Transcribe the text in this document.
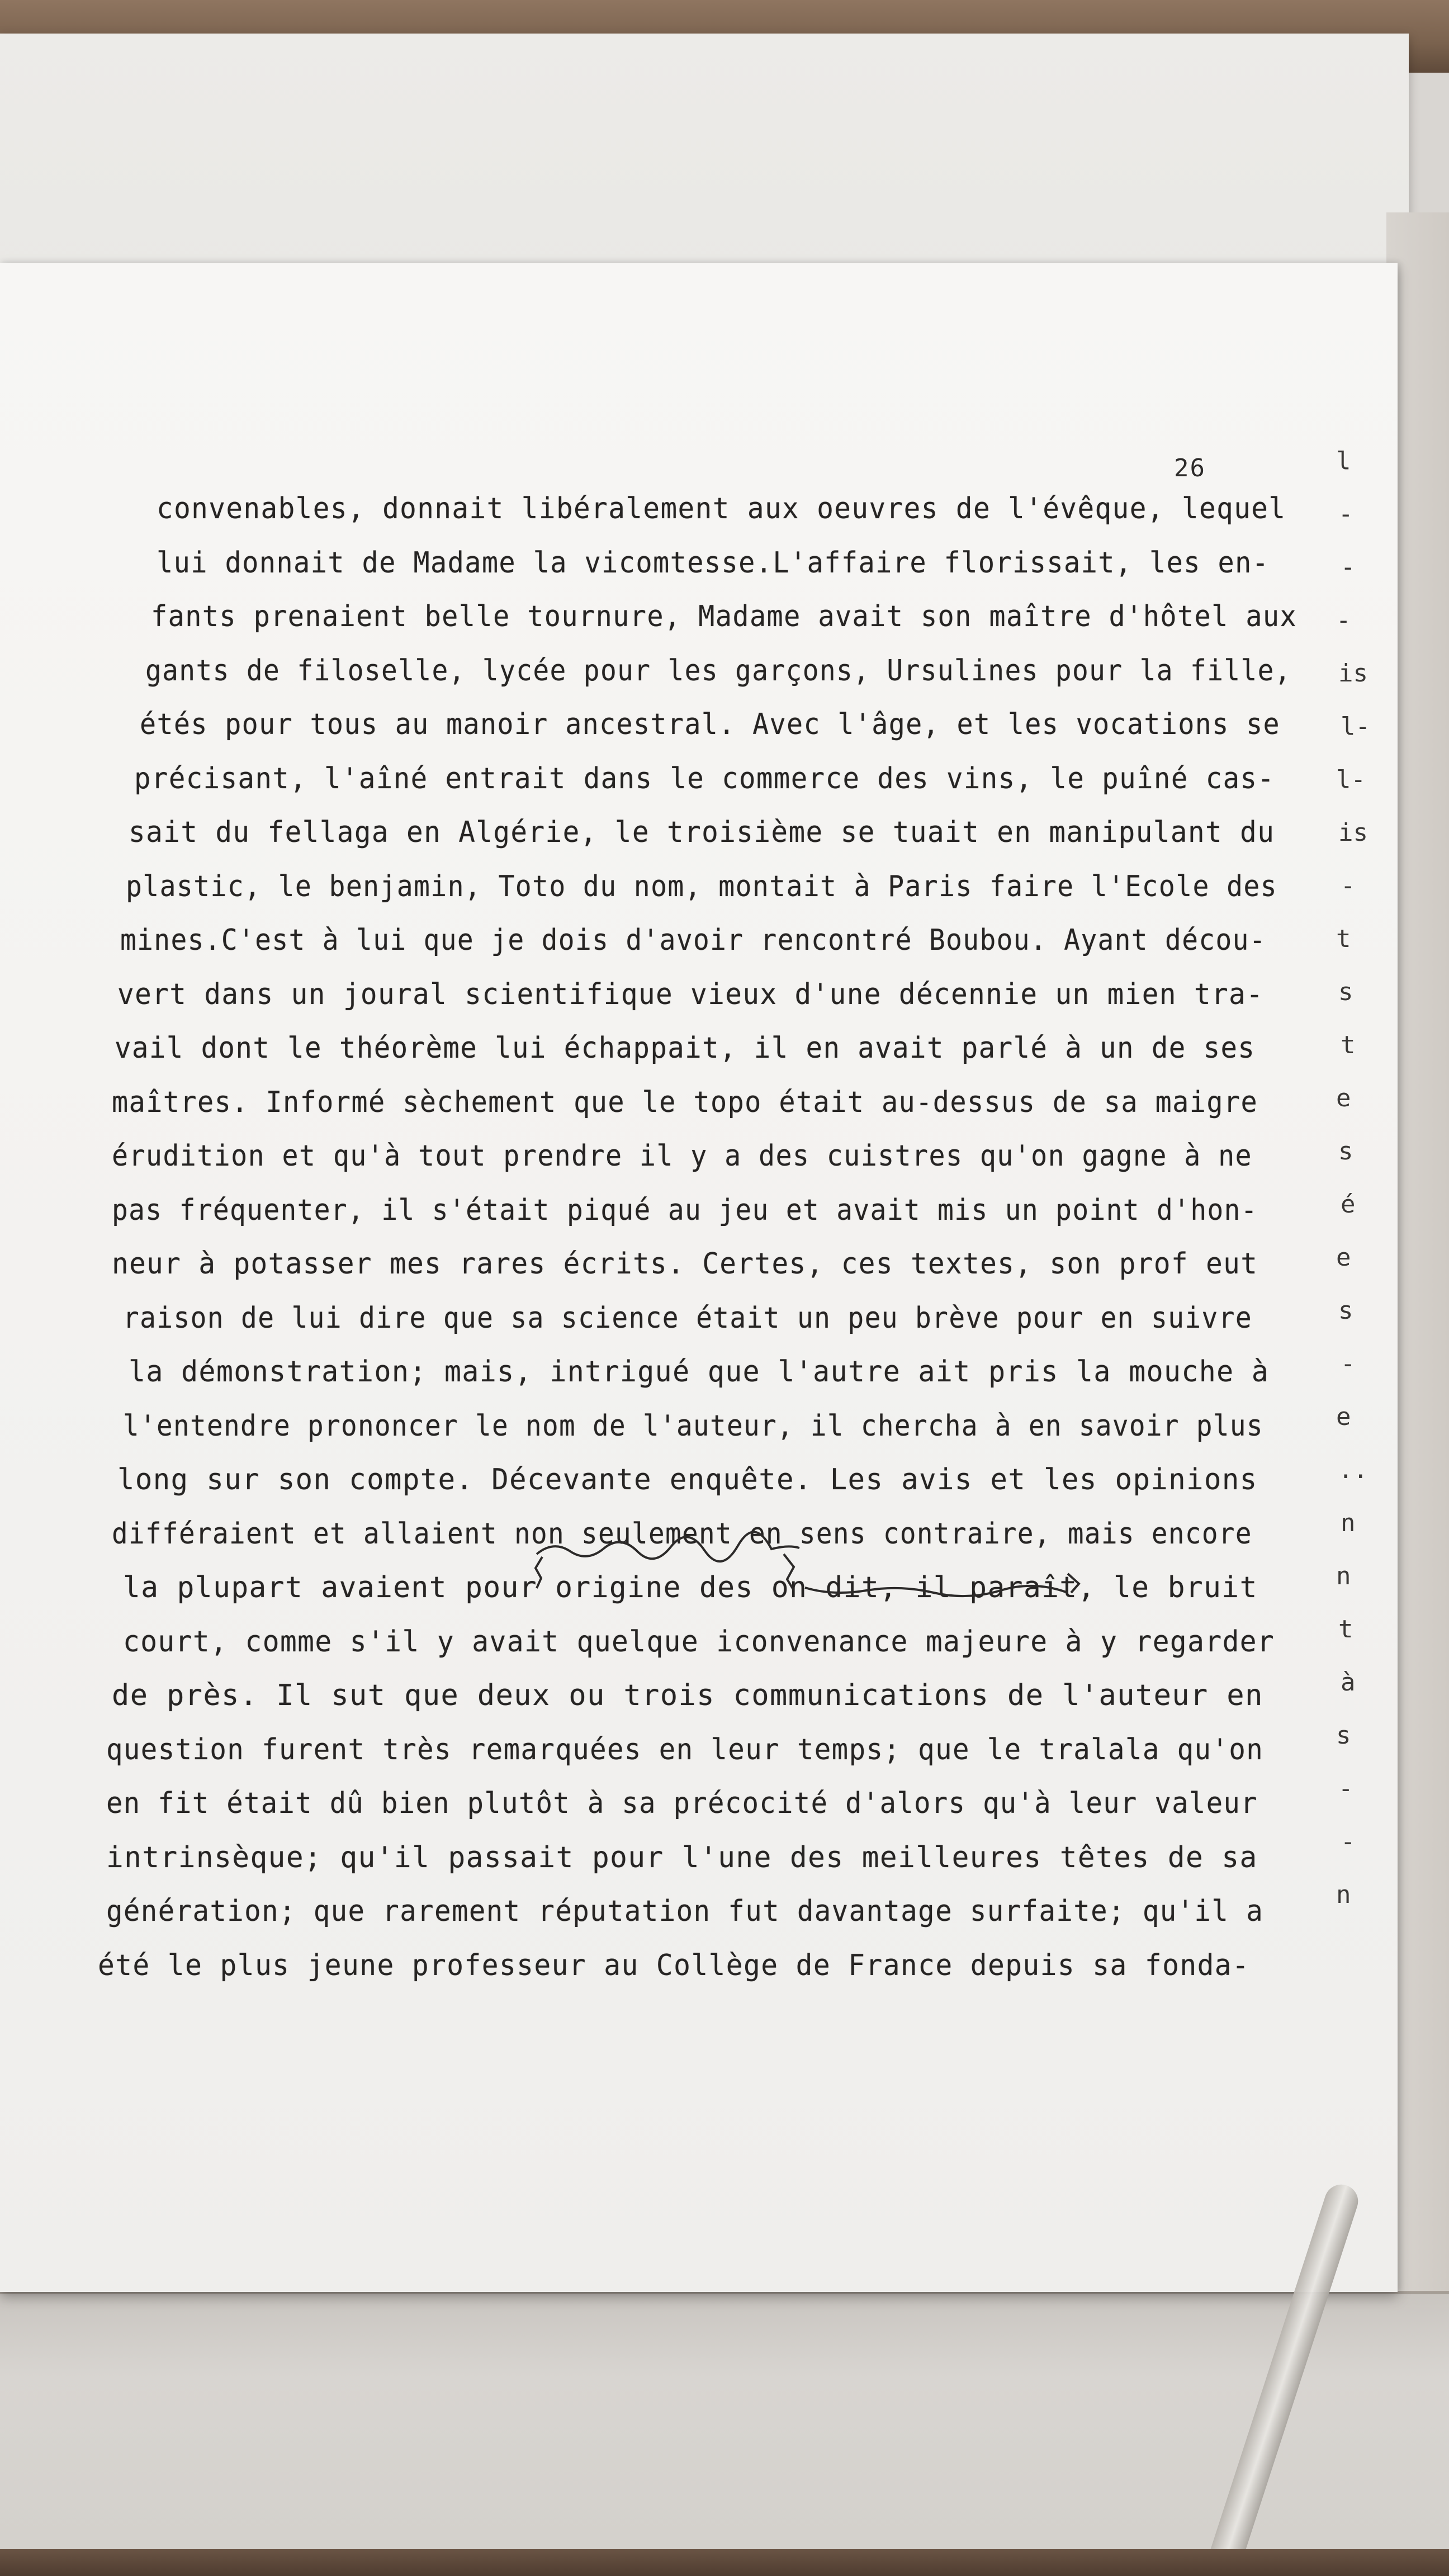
26
convenables, donnait libéralement aux oeuvres de l'évêque, lequel
lui donnait de Madame la vicomtesse.L'affaire florissait, les en-
fants prenaient belle tournure, Madame avait son maître d'hôtel aux
gants de filoselle, lycée pour les garçons, Ursulines pour la fille,
étés pour tous au manoir ancestral. Avec l'âge, et les vocations se
précisant, l'aîné entrait dans le commerce des vins, le puîné cas-
sait du fellaga en Algérie, le troisième se tuait en manipulant du
plastic, le benjamin, Toto du nom, montait à Paris faire l'Ecole des
mines.C'est à lui que je dois d'avoir rencontré Boubou. Ayant décou-
vert dans un joural scientifique vieux d'une décennie un mien tra-
vail dont le théorème lui échappait, il en avait parlé à un de ses
maîtres. Informé sèchement que le topo était au-dessus de sa maigre
érudition et qu'à tout prendre il y a des cuistres qu'on gagne à ne
pas fréquenter, il s'était piqué au jeu et avait mis un point d'hon-
neur à potasser mes rares écrits. Certes, ces textes, son prof eut
raison de lui dire que sa science était un peu brève pour en suivre
la démonstration; mais, intrigué que l'autre ait pris la mouche à
l'entendre prononcer le nom de l'auteur, il chercha à en savoir plus
long sur son compte. Décevante enquête. Les avis et les opinions
différaient et allaient non seulement en sens contraire, mais encore
la plupart avaient pour origine des on dit, il paraît, le bruit
court, comme s'il y avait quelque iconvenance majeure à y regarder
de près. Il sut que deux ou trois communications de l'auteur en
question furent très remarquées en leur temps; que le tralala qu'on
en fit était dû bien plutôt à sa précocité d'alors qu'à leur valeur
intrinsèque; qu'il passait pour l'une des meilleures têtes de sa
génération; que rarement réputation fut davantage surfaite; qu'il a
été le plus jeune professeur au Collège de France depuis sa fonda-
l
-
-
-
is
l-
l-
is
-
t
s
t
e
s
é
e
s
-
e
..
n
n
t
à
s
-
-
n
